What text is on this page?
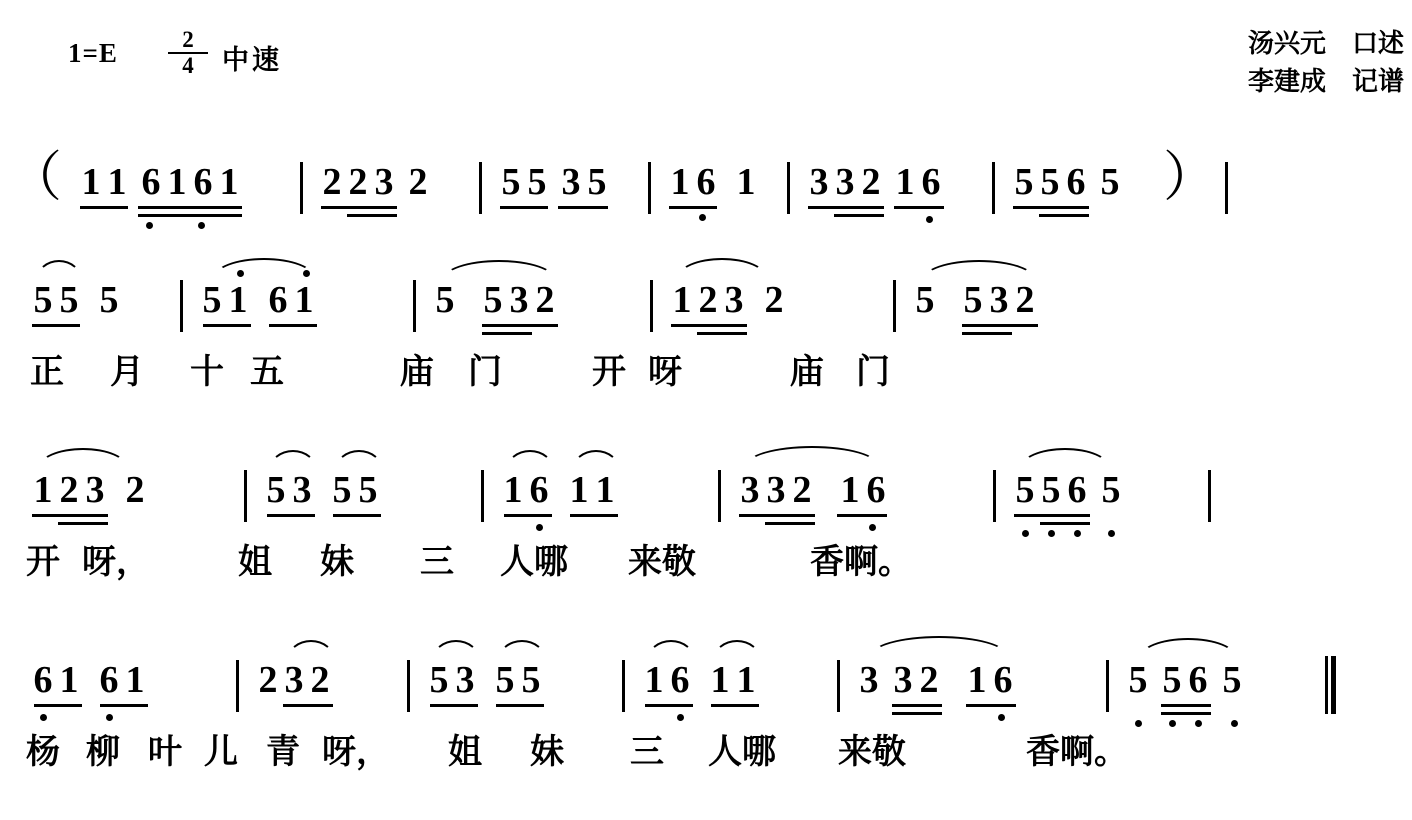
$1=E \frac{2}{4}$ 中速
汤兴元　口述
李建成　记谱
（ 1 1 6 1 6 1
2 2 3 2
5 5 3 5
1 6 1
3 3 2 1 6
5 5 6 5 ）
5 5 5
5 1 6 1
	5 5 3 2
	1 2 3 2
	5 5 3 2
正 月 十 五	庙 门	开 呀	庙 门
1 2 3 2
	5 3 5 5
	1 6 1 1
	3 3 2 1 6
	5 5 6 5

开 呀，	姐 妹 三 人哪 来敬	香啊。
6 1 6 1
	2 3 2
	5 3 5 5
	1 6 1 1
	3 3 2 1 6
	5 5 6 5

杨 柳 叶 儿 青 呀， 姐 妹 三 人哪 来敬	香啊。
